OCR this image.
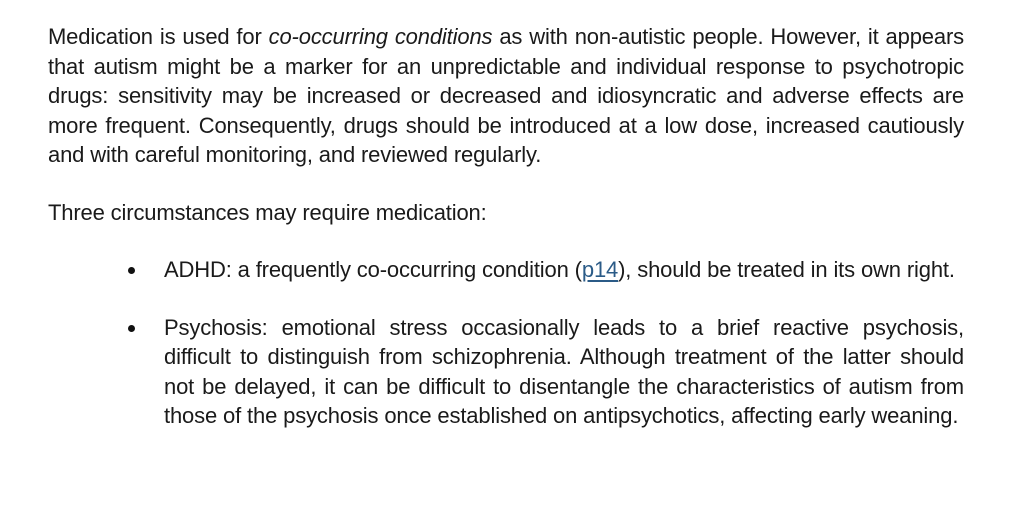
Medication is used for co-occurring conditions as with non-autistic people. However, it appears that autism might be a marker for an unpredictable and individual response to psychotropic drugs: sensitivity may be increased or decreased and idiosyncratic and adverse effects are more frequent. Consequently, drugs should be introduced at a low dose, increased cautiously and with careful monitoring, and reviewed regularly.

Three circumstances may require medication:

ADHD: a frequently co-occurring condition (p14), should be treated in its own right.

Psychosis: emotional stress occasionally leads to a brief reactive psychosis, difficult to distinguish from schizophrenia. Although treatment of the latter should not be delayed, it can be difficult to disentangle the characteristics of autism from those of the psychosis once established on antipsychotics, affecting early weaning.
